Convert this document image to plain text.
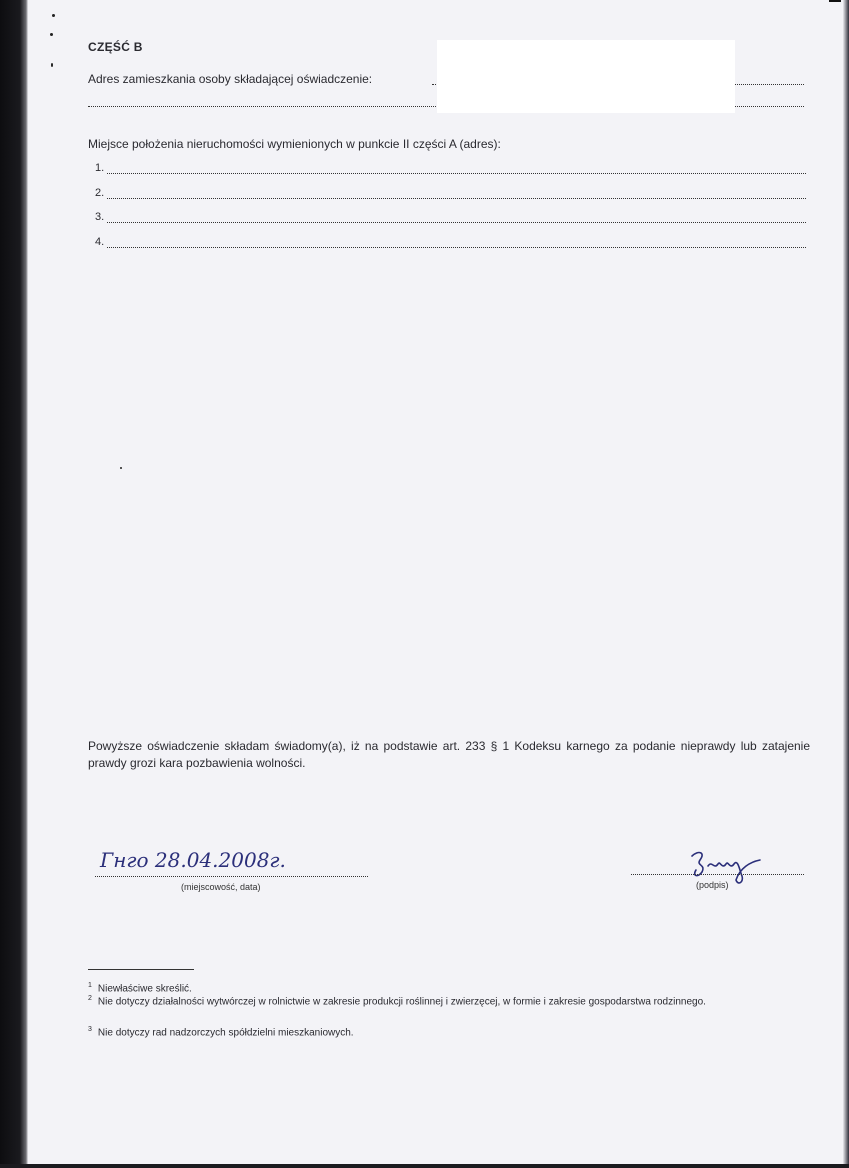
CZĘŚĆ B
Adres zamieszkania osoby składającej oświadczenie:
Miejsce położenia nieruchomości wymienionych w punkcie II części A (adres):
1.
2.
3.
4.
Powyższe oświadczenie składam świadomy(a), iż na podstawie art. 233 § 1 Kodeksu karnego za podanie nieprawdy lub zatajenie prawdy grozi kara pozbawienia wolności.
Гнго 28.04.2008г.
(miejscowość, data)	(podpis)
$^1$ Niewłaściwe skreślić.
$^2$ Nie dotyczy działalności wytwórczej w rolnictwie w zakresie produkcji roślinnej i zwierzęcej, w formie i zakresie gospodarstwa rodzinnego.
$^3$ Nie dotyczy rad nadzorczych spółdzielni mieszkaniowych.
